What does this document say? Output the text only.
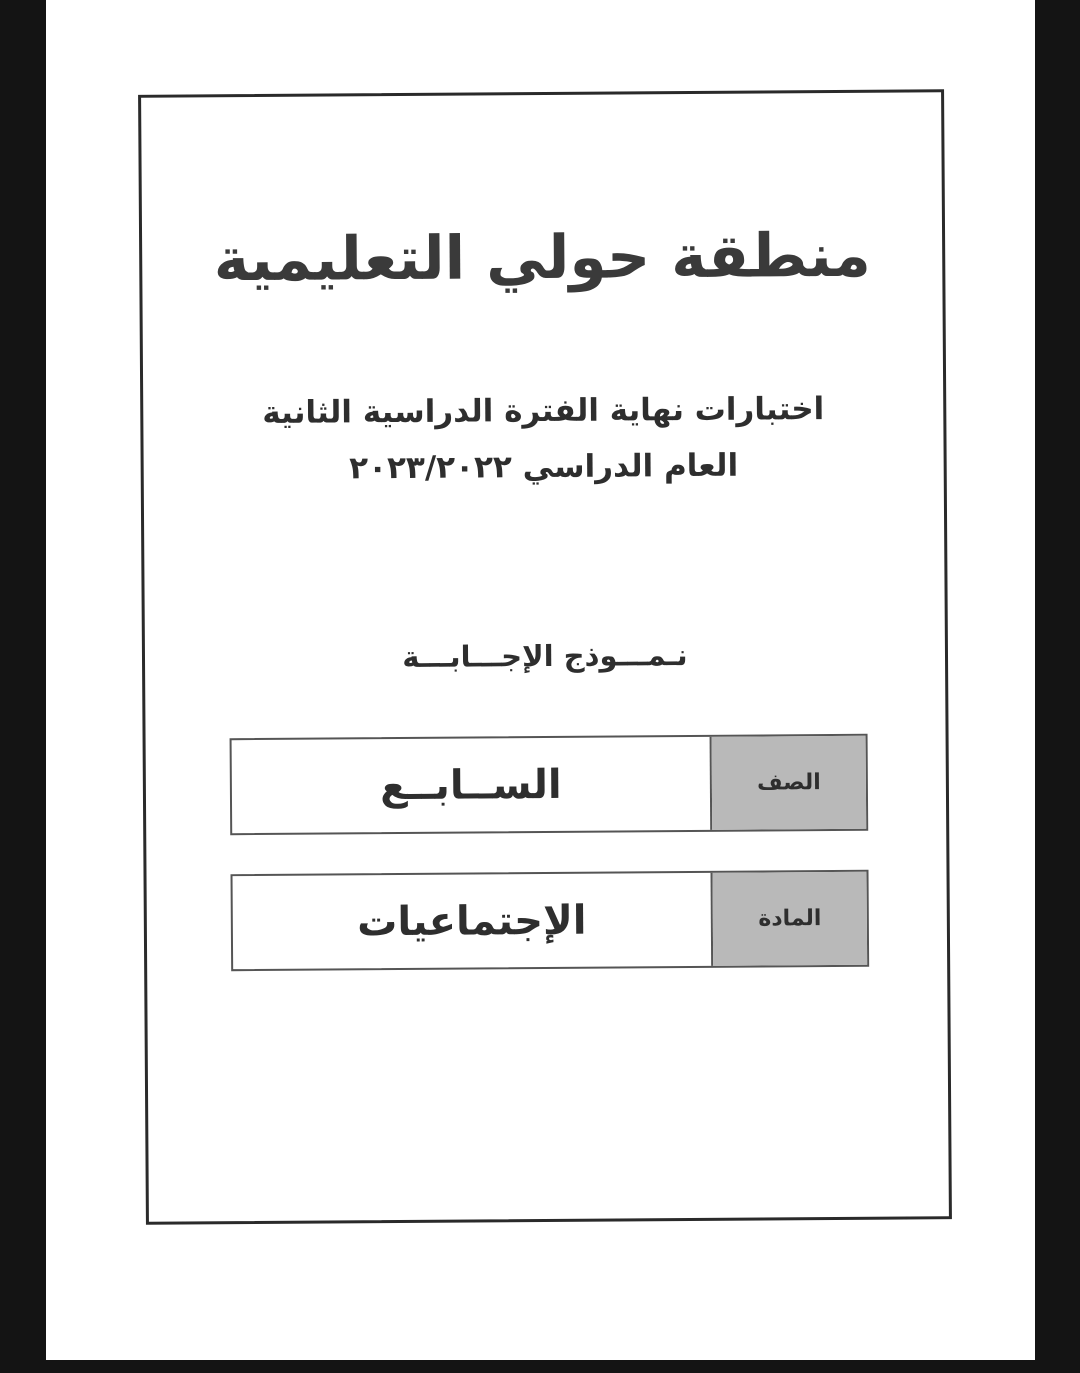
منطقة حولي التعليمية
اختبارات نهاية الفترة الدراسية الثانية
العام الدراسي ٢٠٢٣/٢٠٢٢
نـمـــوذج الإجـــابـــة
الســابــع	الصف
الإجتماعيات	المادة
